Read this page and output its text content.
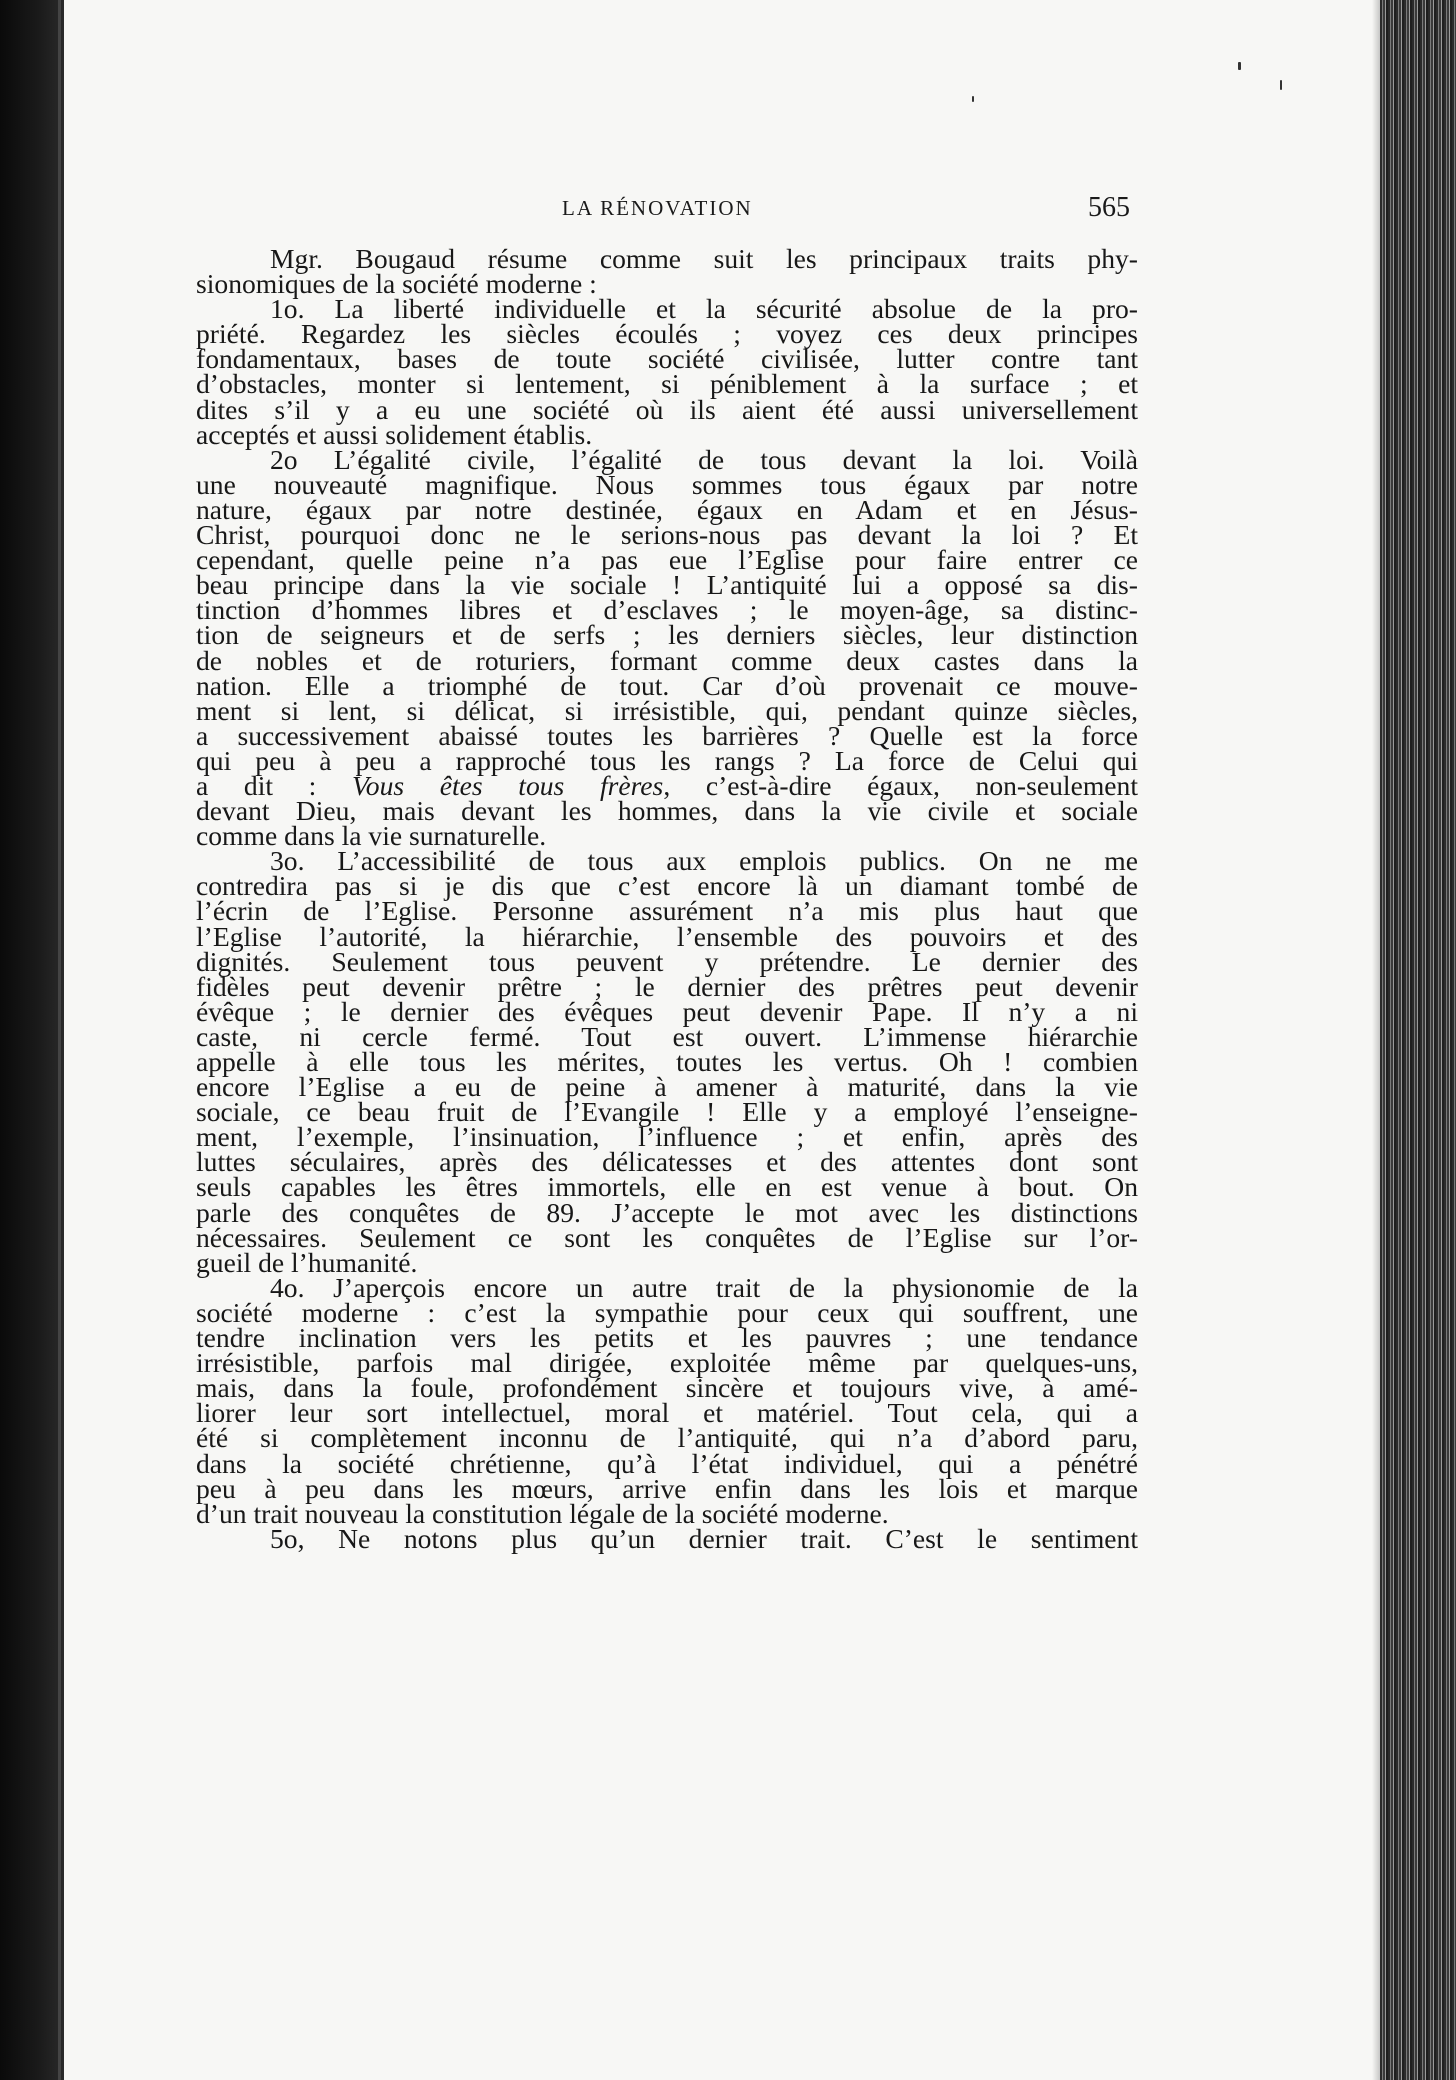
LA RÉNOVATION	565
Mgr. Bougaud résume comme suit les principaux traits phy-
sionomiques de la société moderne :
1o. La liberté individuelle et la sécurité absolue de la pro-
priété. Regardez les siècles écoulés ; voyez ces deux principes
fondamentaux, bases de toute société civilisée, lutter contre tant
d’obstacles, monter si lentement, si péniblement à la surface ; et
dites s’il y a eu une société où ils aient été aussi universellement
acceptés et aussi solidement établis.
2o L’égalité civile, l’égalité de tous devant la loi. Voilà
une nouveauté magnifique. Nous sommes tous égaux par notre
nature, égaux par notre destinée, égaux en Adam et en Jésus-
Christ, pourquoi donc ne le serions-nous pas devant la loi ? Et
cependant, quelle peine n’a pas eue l’Eglise pour faire entrer ce
beau principe dans la vie sociale ! L’antiquité lui a opposé sa dis-
tinction d’hommes libres et d’esclaves ; le moyen-âge, sa distinc-
tion de seigneurs et de serfs ; les derniers siècles, leur distinction
de nobles et de roturiers, formant comme deux castes dans la
nation. Elle a triomphé de tout. Car d’où provenait ce mouve-
ment si lent, si délicat, si irrésistible, qui, pendant quinze siècles,
a successivement abaissé toutes les barrières ? Quelle est la force
qui peu à peu a rapproché tous les rangs ? La force de Celui qui
a dit : Vous êtes tous frères, c’est-à-dire égaux, non-seulement
devant Dieu, mais devant les hommes, dans la vie civile et sociale
comme dans la vie surnaturelle.
3o. L’accessibilité de tous aux emplois publics. On ne me
contredira pas si je dis que c’est encore là un diamant tombé de
l’écrin de l’Eglise. Personne assurément n’a mis plus haut que
l’Eglise l’autorité, la hiérarchie, l’ensemble des pouvoirs et des
dignités. Seulement tous peuvent y prétendre. Le dernier des
fidèles peut devenir prêtre ; le dernier des prêtres peut devenir
évêque ; le dernier des évêques peut devenir Pape. Il n’y a ni
caste, ni cercle fermé. Tout est ouvert. L’immense hiérarchie
appelle à elle tous les mérites, toutes les vertus. Oh ! combien
encore l’Eglise a eu de peine à amener à maturité, dans la vie
sociale, ce beau fruit de l’Evangile ! Elle y a employé l’enseigne-
ment, l’exemple, l’insinuation, l’influence ; et enfin, après des
luttes séculaires, après des délicatesses et des attentes dont sont
seuls capables les êtres immortels, elle en est venue à bout. On
parle des conquêtes de 89. J’accepte le mot avec les distinctions
nécessaires. Seulement ce sont les conquêtes de l’Eglise sur l’or-
gueil de l’humanité.
4o. J’aperçois encore un autre trait de la physionomie de la
société moderne : c’est la sympathie pour ceux qui souffrent, une
tendre inclination vers les petits et les pauvres ; une tendance
irrésistible, parfois mal dirigée, exploitée même par quelques-uns,
mais, dans la foule, profondément sincère et toujours vive, à amé-
liorer leur sort intellectuel, moral et matériel. Tout cela, qui a
été si complètement inconnu de l’antiquité, qui n’a d’abord paru,
dans la société chrétienne, qu’à l’état individuel, qui a pénétré
peu à peu dans les mœurs, arrive enfin dans les lois et marque
d’un trait nouveau la constitution légale de la société moderne.
5o, Ne notons plus qu’un dernier trait. C’est le sentiment
